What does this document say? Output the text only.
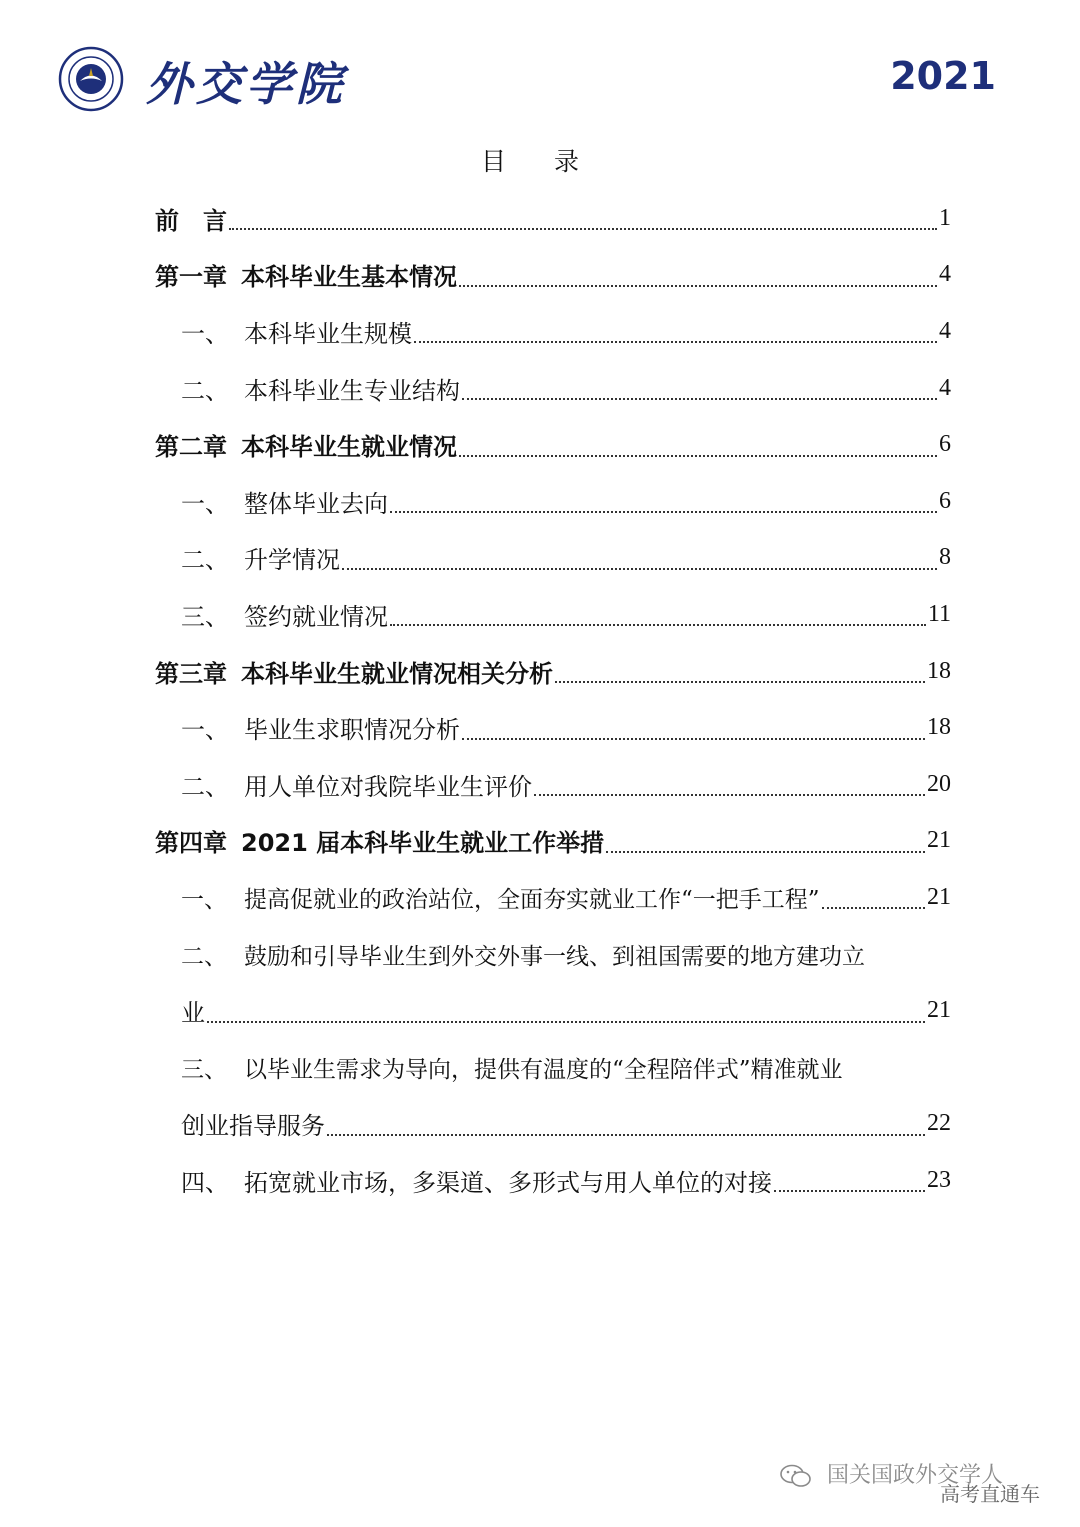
外交学院	2021
目 录
前　言	1
第一章 本科毕业生基本情况	4
一、 本科毕业生规模	4
二、 本科毕业生专业结构	4
第二章 本科毕业生就业情况	6
一、 整体毕业去向	6
二、 升学情况	8
三、 签约就业情况	11
第三章 本科毕业生就业情况相关分析	18
一、 毕业生求职情况分析	18
二、 用人单位对我院毕业生评价	20
第四章 2021 届本科毕业生就业工作举措	21
一、 提高促就业的政治站位，全面夯实就业工作“一把手工程”	21
二、 鼓励和引导毕业生到外交外事一线、到祖国需要的地方建功立
业	21
三、 以毕业生需求为导向，提供有温度的“全程陪伴式”精准就业
创业指导服务	22
四、 拓宽就业市场，多渠道、多形式与用人单位的对接	23
国关国政外交学人
高考直通车
